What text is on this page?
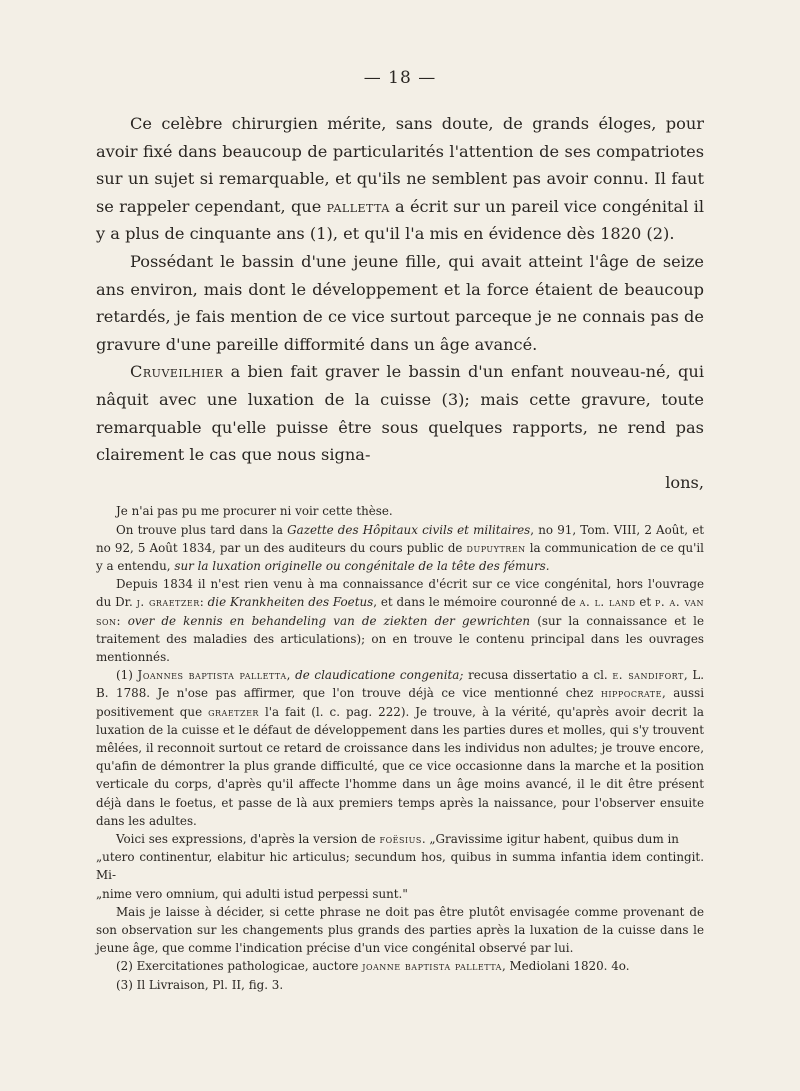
— 18 —

Ce celèbre chirurgien mérite, sans doute, de grands éloges, pour avoir fixé dans beaucoup de particularités l'attention de ses compatriotes sur un sujet si remarquable, et qu'ils ne semblent pas avoir connu. Il faut se rappeler cependant, que palletta a écrit sur un pareil vice congénital il y a plus de cinquante ans (1), et qu'il l'a mis en évidence dès 1820 (2).

Possédant le bassin d'une jeune fille, qui avait atteint l'âge de seize ans environ, mais dont le développement et la force étaient de beaucoup retardés, je fais mention de ce vice surtout parceque je ne connais pas de gravure d'une pareille difformité dans un âge avancé.

Cruveilhier a bien fait graver le bassin d'un enfant nouveau-né, qui nâquit avec une luxation de la cuisse (3); mais cette gravure, toute remarquable qu'elle puisse être sous quelques rapports, ne rend pas clairement le cas que nous signa-

lons,

Je n'ai pas pu me procurer ni voir cette thèse.

On trouve plus tard dans la Gazette des Hôpitaux civils et militaires, no 91, Tom. VIII, 2 Août, et no 92, 5 Août 1834, par un des auditeurs du cours public de dupuytren la communication de ce qu'il y a entendu, sur la luxation originelle ou congénitale de la tête des fémurs.

Depuis 1834 il n'est rien venu à ma connaissance d'écrit sur ce vice congénital, hors l'ouvrage du Dr. j. graetzer: die Krankheiten des Foetus, et dans le mémoire couronné de a. l. land et p. a. van son: over de kennis en behandeling van de ziekten der gewrichten (sur la connaissance et le traitement des maladies des articulations); on en trouve le contenu principal dans les ouvrages mentionnés.

(1) Joannes baptista palletta, de claudicatione congenita; recusa dissertatio a cl. e. sandifort, L. B. 1788. Je n'ose pas affirmer, que l'on trouve déjà ce vice mentionné chez hippocrate, aussi positivement que graetzer l'a fait (l. c. pag. 222). Je trouve, à la vérité, qu'après avoir decrit la luxation de la cuisse et le défaut de développement dans les parties dures et molles, qui s'y trouvent mêlées, il reconnoit surtout ce retard de croissance dans les individus non adultes; je trouve encore, qu'afin de démontrer la plus grande difficulté, que ce vice occasionne dans la marche et la position verticale du corps, d'après qu'il affecte l'homme dans un âge moins avancé, il le dit être présent déjà dans le foetus, et passe de là aux premiers temps après la naissance, pour l'observer ensuite dans les adultes.

Voici ses expressions, d'après la version de foësius. „Gravissime igitur habent, quibus dum in

„utero continentur, elabitur hic articulus; secundum hos, quibus in summa infantia idem contingit. Mi-

„nime vero omnium, qui adulti istud perpessi sunt."

Mais je laisse à décider, si cette phrase ne doit pas être plutôt envisagée comme provenant de son observation sur les changements plus grands des parties après la luxation de la cuisse dans le jeune âge, que comme l'indication précise d'un vice congénital observé par lui.

(2) Exercitationes pathologicae, auctore joanne baptista palletta, Mediolani 1820. 4o.

(3) Il Livraison, Pl. II, fig. 3.
